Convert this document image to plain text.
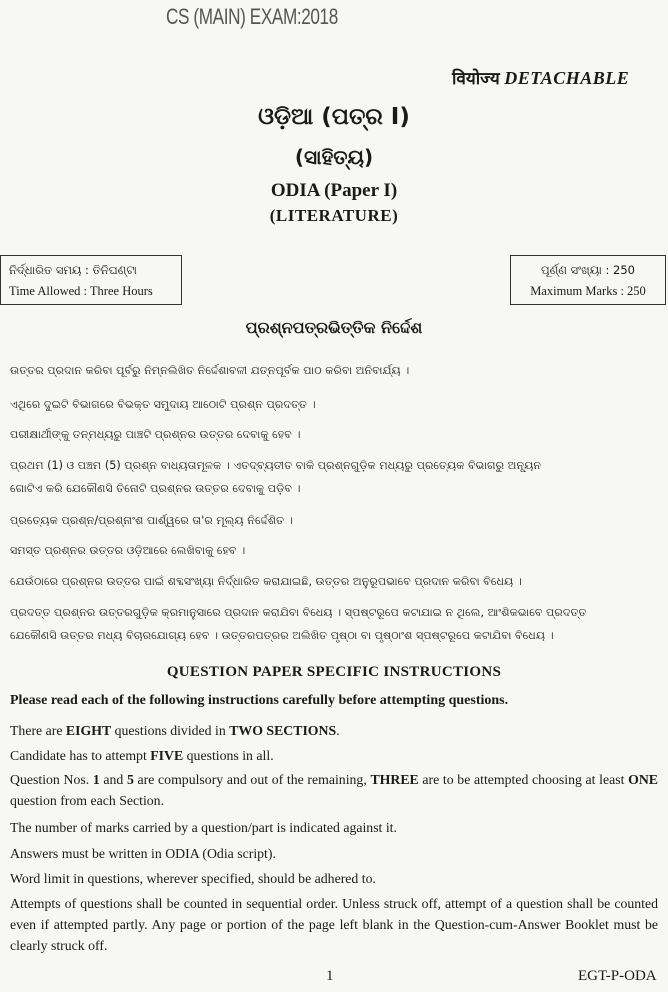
CS (MAIN) EXAM:2018
वियोज्य DETACHABLE
ଓଡ଼ିଆ (ପତ୍ର I)
(ସାହିତ୍ୟ)
ODIA (Paper I)
(LITERATURE)
ନିର୍ଦ୍ଧାରିତ ସମୟ : ତିନିଘଣ୍ଟା
Time Allowed : Three Hours
ପୂର୍ଣ୍ଣ ସଂଖ୍ୟା : 250
Maximum Marks : 250
ପ୍ରଶ୍ନପତ୍ରଭିତ୍ତିକ ନିର୍ଦ୍ଦେଶ
ଉତ୍ତର ପ୍ରଦାନ କରିବା ପୂର୍ବରୁ ନିମ୍ନଲିଖିତ ନିର୍ଦ୍ଦେଶାବଳୀ ଯତ୍ନପୂର୍ବକ ପାଠ କରିବା ଅନିବାର୍ଯ୍ୟ ।
ଏଥିରେ ଦୁଇଟି ବିଭାଗରେ ବିଭକ୍ତ ସମୁଦାୟ ଆଠୋଟି ପ୍ରଶ୍ନ ପ୍ରଦତ୍ତ ।
ପରୀକ୍ଷାର୍ଥୀଙ୍କୁ ତନ୍ମଧ୍ୟରୁ ପାଞ୍ଚଟି ପ୍ରଶ୍ନର ଉତ୍ତର ଦେବାକୁ ହେବ ।
ପ୍ରଥମ (1) ଓ ପଞ୍ଚମ (5) ପ୍ରଶ୍ନ ବାଧ୍ୟତାମୂଳକ । ଏତଦ୍‌ବ୍ୟତୀତ ବାକି ପ୍ରଶ୍ନଗୁଡ଼ିକ ମଧ୍ୟରୁ ପ୍ରତ୍ୟେକ ବିଭାଗରୁ ଅନ୍ୟୂନ
ଗୋଟିଏ କରି ଯେକୌଣସି ତିନୋଟି ପ୍ରଶ୍ନର ଉତ୍ତର ଦେବାକୁ ପଡ଼ିବ ।
ପ୍ରତ୍ୟେକ ପ୍ରଶ୍ନ/ପ୍ରଶ୍ନାଂଶ ପାର୍ଶ୍ୱରେ ତା'ର ମୂଲ୍ୟ ନିର୍ଦ୍ଦେଶିତ ।
ସମସ୍ତ ପ୍ରଶ୍ନର ଉତ୍ତର ଓଡ଼ିଆରେ ଲେଖିବାକୁ ହେବ ।
ଯେଉଁଠାରେ ପ୍ରଶ୍ନର ଉତ୍ତର ପାଇଁ ଶବ୍ଦସଂଖ୍ୟା ନିର୍ଦ୍ଧାରିତ କରାଯାଇଛି, ଉତ୍ତର ଅନୁରୂପଭାବେ ପ୍ରଦାନ କରିବା ବିଧେୟ ।
ପ୍ରଦତ୍ତ ପ୍ରଶ୍ନର ଉତ୍ତରଗୁଡ଼ିକ କ୍ରମାନୁସାରେ ପ୍ରଦାନ କରାଯିବା ବିଧେୟ । ସ୍ପଷ୍ଟରୂପେ କଟାଯାଇ ନ ଥିଲେ, ଆଂଶିକଭାବେ ପ୍ରଦତ୍ତ
ଯେକୌଣସି ଉତ୍ତର ମଧ୍ୟ ବିଚାରଯୋଗ୍ୟ ହେବ । ଉତ୍ତରପତ୍ରର ଅଲିଖିତ ପୃଷ୍ଠା ବା ପୃଷ୍ଠାଂଶ ସ୍ପଷ୍ଟରୂପେ କଟାଯିବା ବିଧେୟ ।
QUESTION PAPER SPECIFIC INSTRUCTIONS
Please read each of the following instructions carefully before attempting questions.
There are EIGHT questions divided in TWO SECTIONS.
Candidate has to attempt FIVE questions in all.
Question Nos. 1 and 5 are compulsory and out of the remaining, THREE are to be attempted choosing at least ONE question from each Section.
The number of marks carried by a question/part is indicated against it.
Answers must be written in ODIA (Odia script).
Word limit in questions, wherever specified, should be adhered to.
Attempts of questions shall be counted in sequential order. Unless struck off, attempt of a question shall be counted even if attempted partly. Any page or portion of the page left blank in the Question-cum-Answer Booklet must be clearly struck off.
1	EGT-P-ODA
